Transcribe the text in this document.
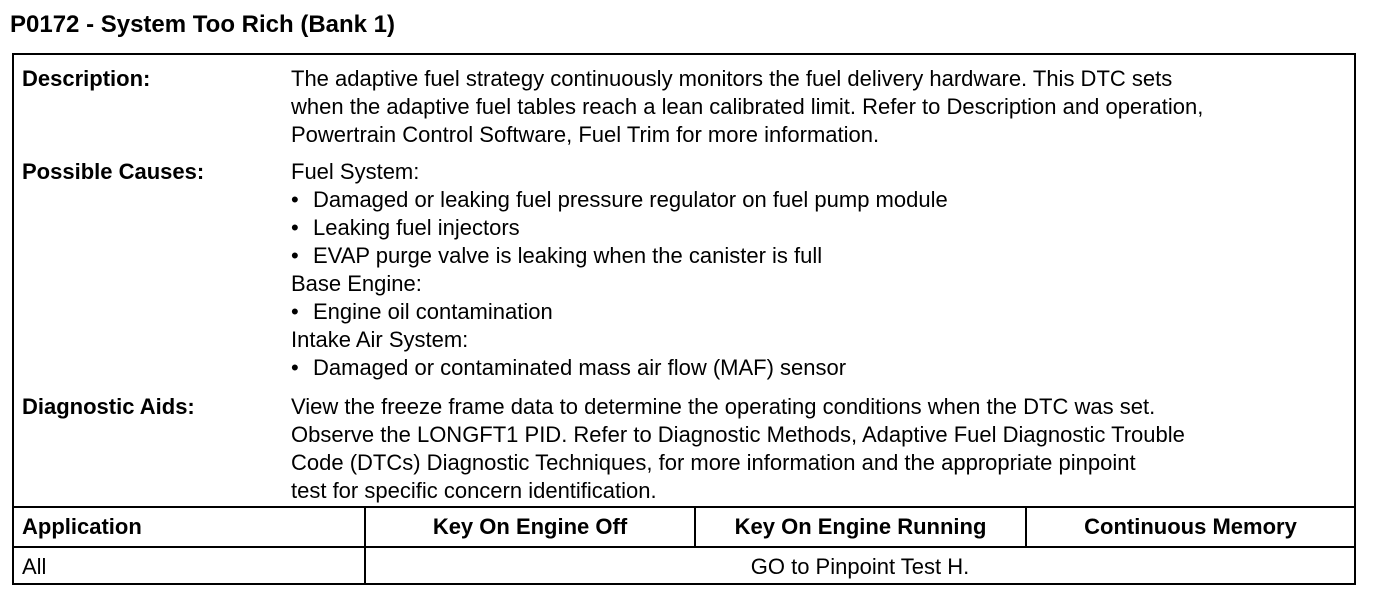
P0172 - System Too Rich (Bank 1)
Description:	The adaptive fuel strategy continuously monitors the fuel delivery hardware. This DTC sets
when the adaptive fuel tables reach a lean calibrated limit. Refer to Description and operation,
Powertrain Control Software, Fuel Trim for more information.
Possible Causes:	Fuel System:
• Damaged or leaking fuel pressure regulator on fuel pump module
• Leaking fuel injectors
• EVAP purge valve is leaking when the canister is full
Base Engine:
• Engine oil contamination
Intake Air System:
• Damaged or contaminated mass air flow (MAF) sensor
Diagnostic Aids:	View the freeze frame data to determine the operating conditions when the DTC was set.
Observe the LONGFT1 PID. Refer to Diagnostic Methods, Adaptive Fuel Diagnostic Trouble
Code (DTCs) Diagnostic Techniques, for more information and the appropriate pinpoint
test for specific concern identification.
Application	Key On Engine Off	Key On Engine Running	Continuous Memory
All	GO to Pinpoint Test H.
